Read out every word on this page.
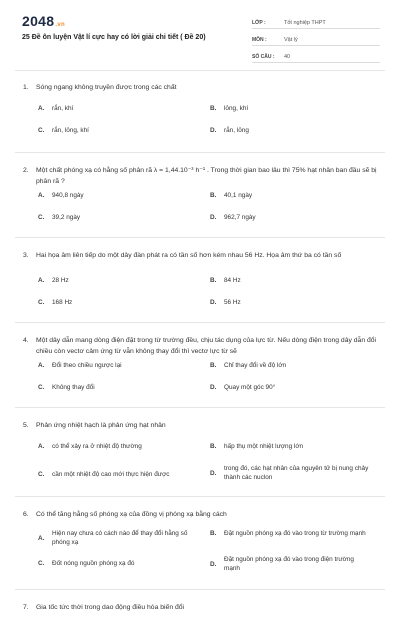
2048.vn
25 Đề ôn luyện Vật lí cực hay có lời giải chi tiết ( Đề 20)
LỚP :	Tốt nghiệp THPT
MÔN :	Vật lý
SỐ CÂU :	40
1.	Sóng ngang không truyền được trong các chất
A.	rắn, khí	B.	lỏng, khí
C.	rắn, lỏng, khí	D.	rắn, lỏng
2.	Một chất phóng xạ có hằng số phân rã λ = 1,44.10⁻³ h⁻¹ . Trong thời gian bao lâu thì 75% hạt nhân ban đầu sẽ bị phân rã ?
A.	940,8 ngày	B.	40,1 ngày
C.	39,2 ngày	D.	962,7 ngày
3.	Hai họa âm liên tiếp do một dây đàn phát ra có tần số hơn kém nhau 56 Hz. Họa âm thứ ba có tần số
A.	28 Hz	B.	84 Hz
C.	168 Hz	D.	56 Hz
4.	Một dây dẫn mang dòng điện đặt trong từ trường đều, chịu tác dụng của lực từ. Nếu dòng điện trong dây dẫn đổi chiều còn vectơ cảm ứng từ vẫn không thay đổi thì vectơ lực từ sẽ
A.	Đổi theo chiều ngược lại	B.	Chỉ thay đổi về độ lớn
C.	Không thay đổi	D.	Quay một góc 90°
5.	Phản ứng nhiệt hạch là phản ứng hạt nhân
A.	có thể xảy ra ở nhiệt độ thường	B.	hấp thụ một nhiệt lượng lớn
C.	cần một nhiệt độ cao mới thực hiện được	D.
trong đó, các hạt nhân của nguyên tử bị nung chảy thành các nuclon
6.	Có thể tăng hằng số phóng xạ của đồng vị phóng xạ bằng cách
A.
Hiện nay chưa có cách nào để thay đổi hằng số phóng xạ
B.	Đặt nguồn phóng xạ đó vào trong từ trường mạnh
C.	Đốt nóng nguồn phóng xạ đó	D.
Đặt nguồn phóng xạ đó vào trong điện trường mạnh
7.	Gia tốc tức thời trong dao động điều hòa biến đổi
